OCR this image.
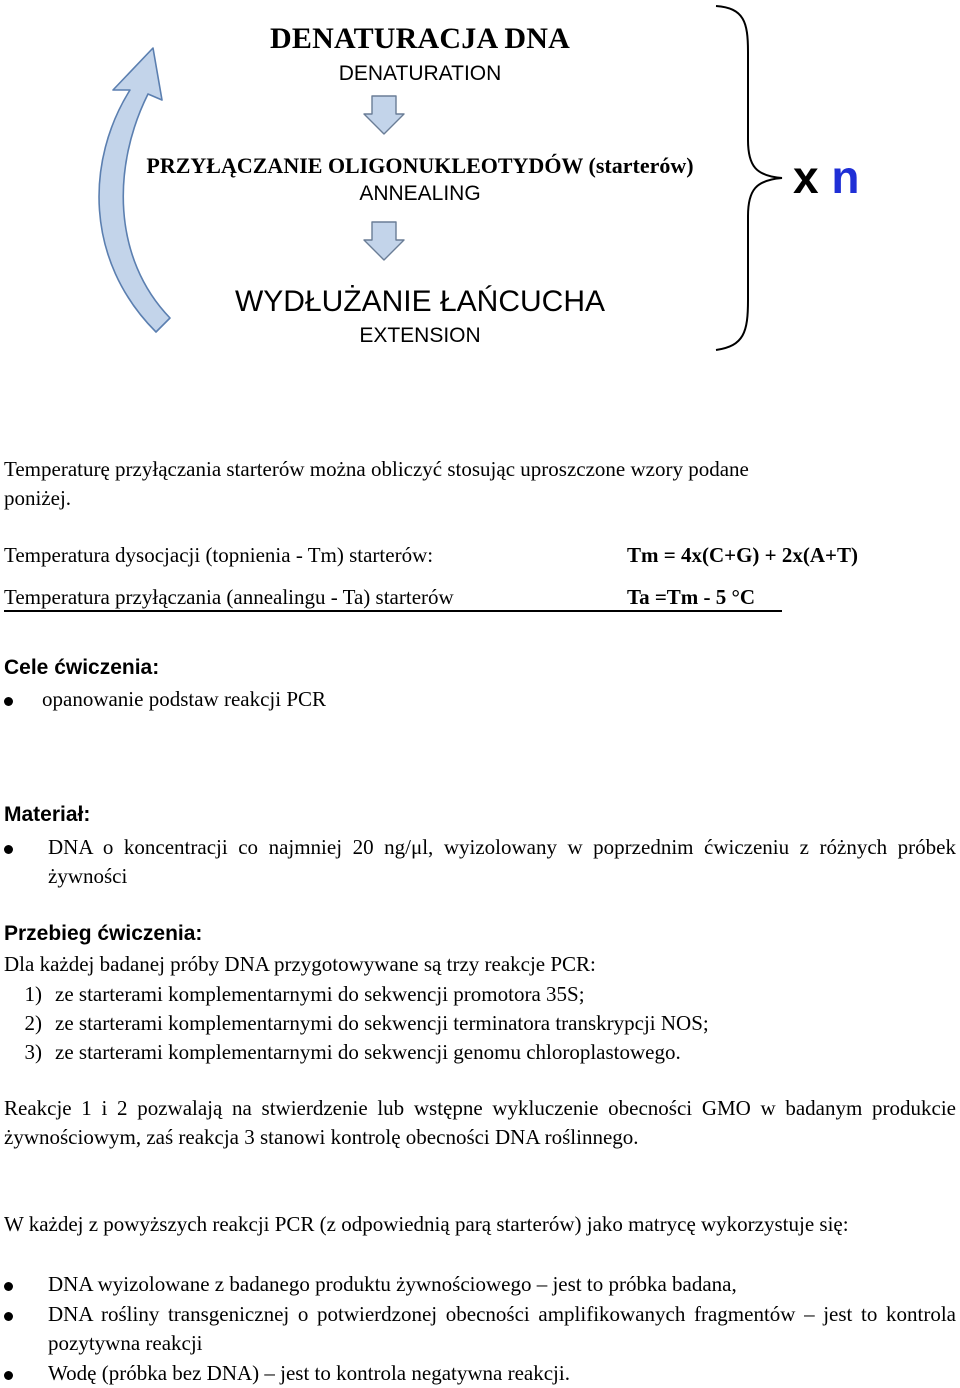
DENATURACJA DNA
DENATURATION
PRZYŁĄCZANIE OLIGONUKLEOTYDÓW (starterów)
ANNEALING
WYDŁUŻANIE ŁAŃCUCHA
EXTENSION
x n
Temperaturę przyłączania starterów można obliczyć stosując uproszczone wzory podane
poniżej.
Temperatura dysocjacji (topnienia - Tm) starterów:	Tm = 4x(C+G) + 2x(A+T)
Temperatura przyłączania (annealingu - Ta) starterów	Ta =Tm - 5 °C
Cele ćwiczenia:
opanowanie podstaw reakcji PCR
Materiał:
DNA o koncentracji co najmniej 20 ng/μl, wyizolowany w poprzednim ćwiczeniu z różnych próbek żywności
Przebieg ćwiczenia:
Dla każdej badanej próby DNA przygotowywane są trzy reakcje PCR:
1) ze starterami komplementarnymi do sekwencji promotora 35S;
2) ze starterami komplementarnymi do sekwencji terminatora transkrypcji NOS;
3) ze starterami komplementarnymi do sekwencji genomu chloroplastowego.
Reakcje 1 i 2 pozwalają na stwierdzenie lub wstępne wykluczenie obecności GMO w badanym produkcie żywnościowym, zaś reakcja 3 stanowi kontrolę obecności DNA roślinnego.
W każdej z powyższych reakcji PCR (z odpowiednią parą starterów) jako matrycę wykorzystuje się:
DNA wyizolowane z badanego produktu żywnościowego – jest to próbka badana,
DNA rośliny transgenicznej o potwierdzonej obecności amplifikowanych fragmentów – jest to kontrola pozytywna reakcji
Wodę (próbka bez DNA) – jest to kontrola negatywna reakcji.
